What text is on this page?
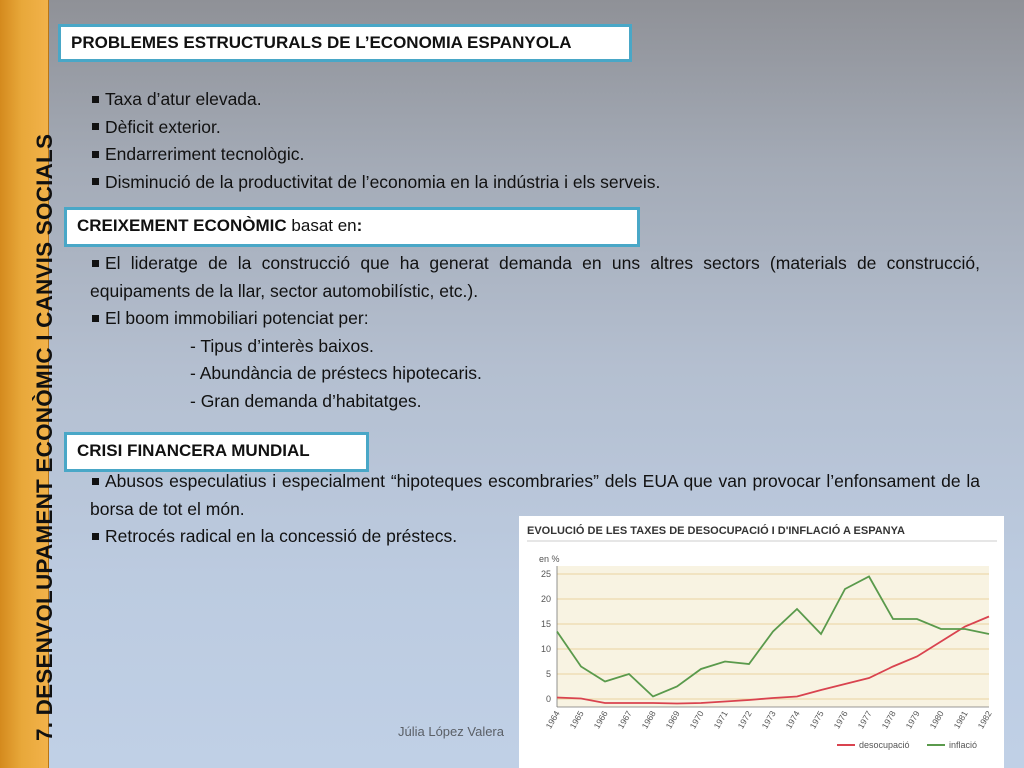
7. DESENVOLUPAMENT ECONÒMIC I CANVIS SOCIALS
PROBLEMES ESTRUCTURALS DE L’ECONOMIA ESPANYOLA
Taxa d’atur elevada.
Dèficit exterior.
Endarreriment tecnològic.
Disminució de la productivitat de l’economia en la indústria i els serveis.
CREIXEMENT ECONÒMIC basat en:
El lideratge de la construcció que ha generat demanda en uns altres sectors (materials de construcció, equipaments de la llar, sector automobilístic, etc.).
El boom immobiliari potenciat per:
- Tipus d’interès baixos.
- Abundància de préstecs hipotecaris.
- Gran demanda d’habitatges.
CRISI FINANCERA MUNDIAL
Abusos especulatius i especialment “hipoteques escombraries” dels EUA que van provocar l’enfonsament de la borsa de tot el món.
Retrocés radical en la concessió de préstecs.
Júlia López Valera
EVOLUCIÓ DE LES TAXES DE DESOCUPACIÓ I D'INFLACIÓ A ESPANYA
en %
0
5
10
15
20
25
1964 1965 1966 1967 1968 1969 1970 1971 1972 1973 1974 1975 1976 1977 1978 1979 1980 1981 1982
desocupació	inflació
